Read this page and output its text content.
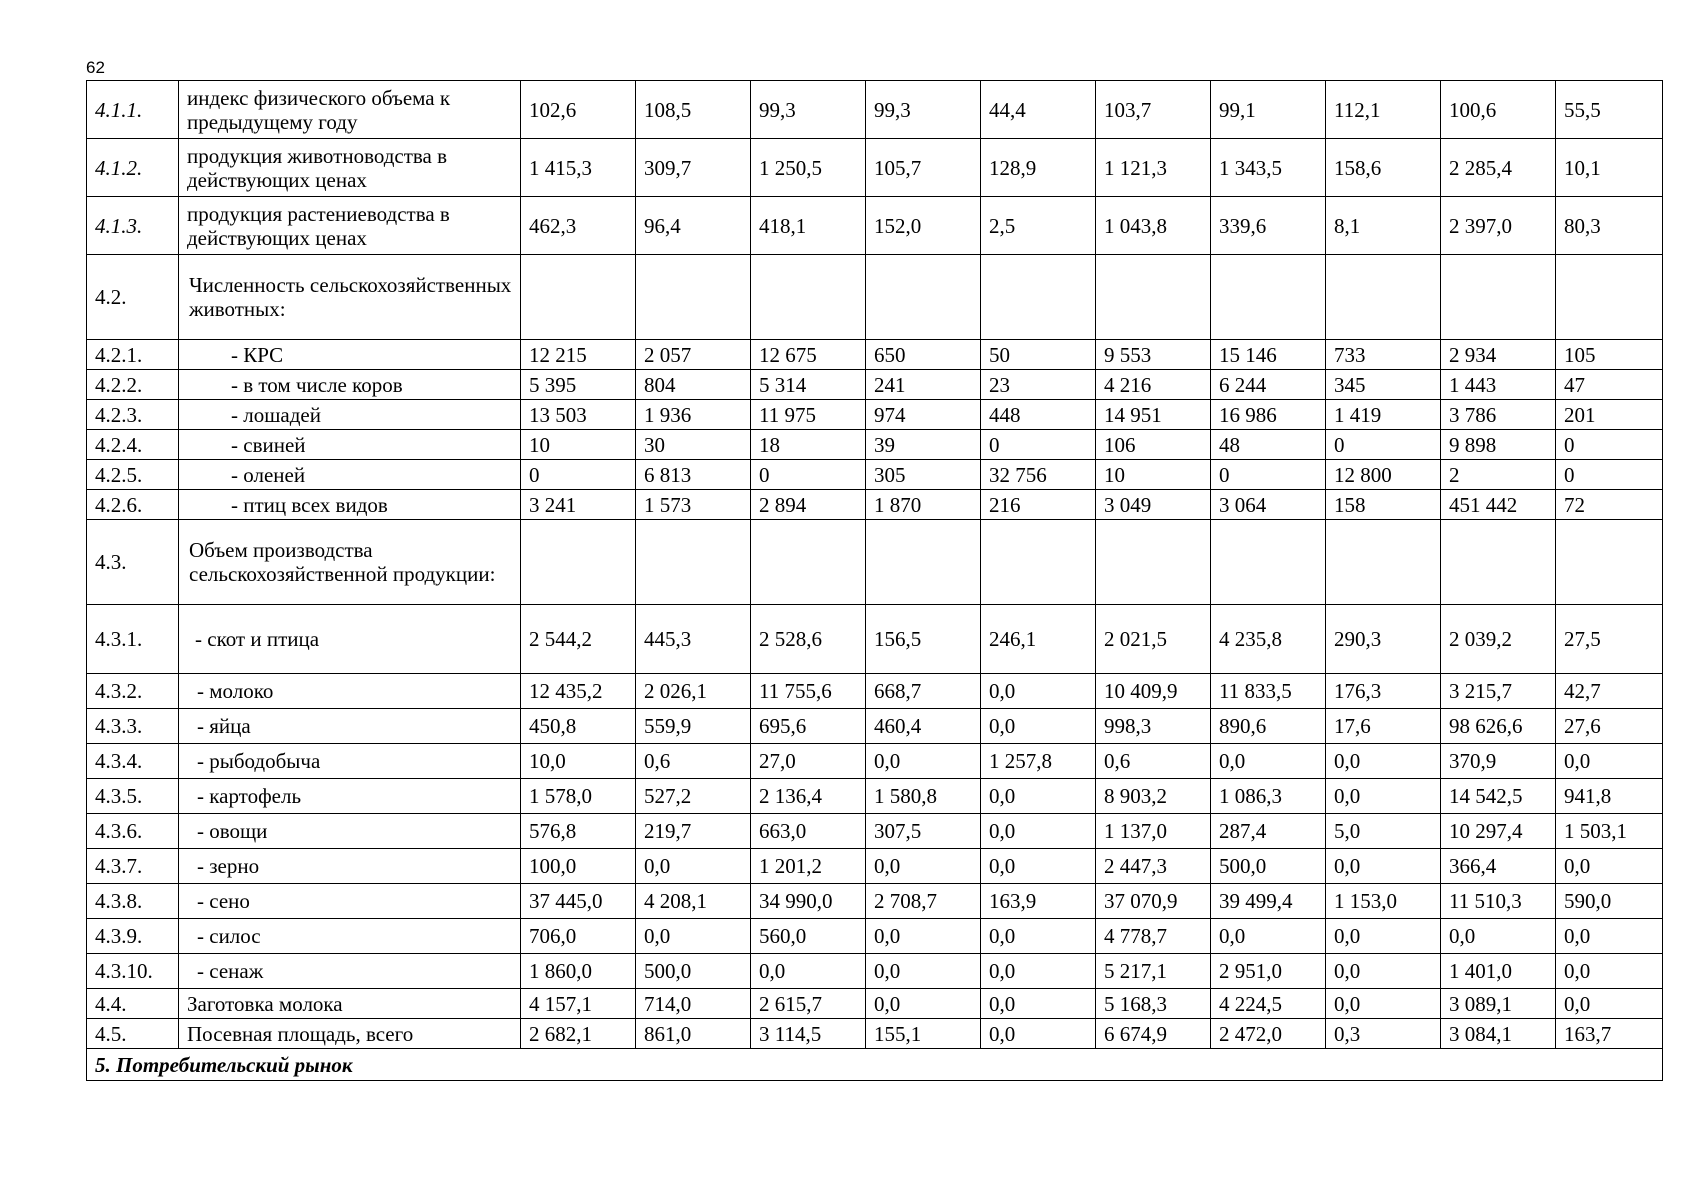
62
4.1.1.	индекс физического объема к предыдущему году	102,6	108,5	99,3	99,3	44,4	103,7	99,1	112,1	100,6	55,5
4.1.2.	продукция животноводства в действующих ценах	1 415,3	309,7	1 250,5	105,7	128,9	1 121,3	1 343,5	158,6	2 285,4	10,1
4.1.3.	продукция растениеводства в действующих ценах	462,3	96,4	418,1	152,0	2,5	1 043,8	339,6	8,1	2 397,0	80,3
4.2.	Численность сельскохозяйственных животных:										
4.2.1.	- КРС	12 215	2 057	12 675	650	50	9 553	15 146	733	2 934	105
4.2.2.	- в том числе коров	5 395	804	5 314	241	23	4 216	6 244	345	1 443	47
4.2.3.	- лошадей	13 503	1 936	11 975	974	448	14 951	16 986	1 419	3 786	201
4.2.4.	- свиней	10	30	18	39	0	106	48	0	9 898	0
4.2.5.	- оленей	0	6 813	0	305	32 756	10	0	12 800	2	0
4.2.6.	- птиц всех видов	3 241	1 573	2 894	1 870	216	3 049	3 064	158	451 442	72
4.3.	Объем производства сельскохозяйственной продукции:										
4.3.1.	- скот и птица	2 544,2	445,3	2 528,6	156,5	246,1	2 021,5	4 235,8	290,3	2 039,2	27,5
4.3.2.	- молоко	12 435,2	2 026,1	11 755,6	668,7	0,0	10 409,9	11 833,5	176,3	3 215,7	42,7
4.3.3.	- яйца	450,8	559,9	695,6	460,4	0,0	998,3	890,6	17,6	98 626,6	27,6
4.3.4.	- рыбодобыча	10,0	0,6	27,0	0,0	1 257,8	0,6	0,0	0,0	370,9	0,0
4.3.5.	- картофель	1 578,0	527,2	2 136,4	1 580,8	0,0	8 903,2	1 086,3	0,0	14 542,5	941,8
4.3.6.	- овощи	576,8	219,7	663,0	307,5	0,0	1 137,0	287,4	5,0	10 297,4	1 503,1
4.3.7.	- зерно	100,0	0,0	1 201,2	0,0	0,0	2 447,3	500,0	0,0	366,4	0,0
4.3.8.	- сено	37 445,0	4 208,1	34 990,0	2 708,7	163,9	37 070,9	39 499,4	1 153,0	11 510,3	590,0
4.3.9.	- силос	706,0	0,0	560,0	0,0	0,0	4 778,7	0,0	0,0	0,0	0,0
4.3.10.	- сенаж	1 860,0	500,0	0,0	0,0	0,0	5 217,1	2 951,0	0,0	1 401,0	0,0
4.4.	Заготовка молока	4 157,1	714,0	2 615,7	0,0	0,0	5 168,3	4 224,5	0,0	3 089,1	0,0
4.5.	Посевная площадь, всего	2 682,1	861,0	3 114,5	155,1	0,0	6 674,9	2 472,0	0,3	3 084,1	163,7
5. Потребительский рынок											
